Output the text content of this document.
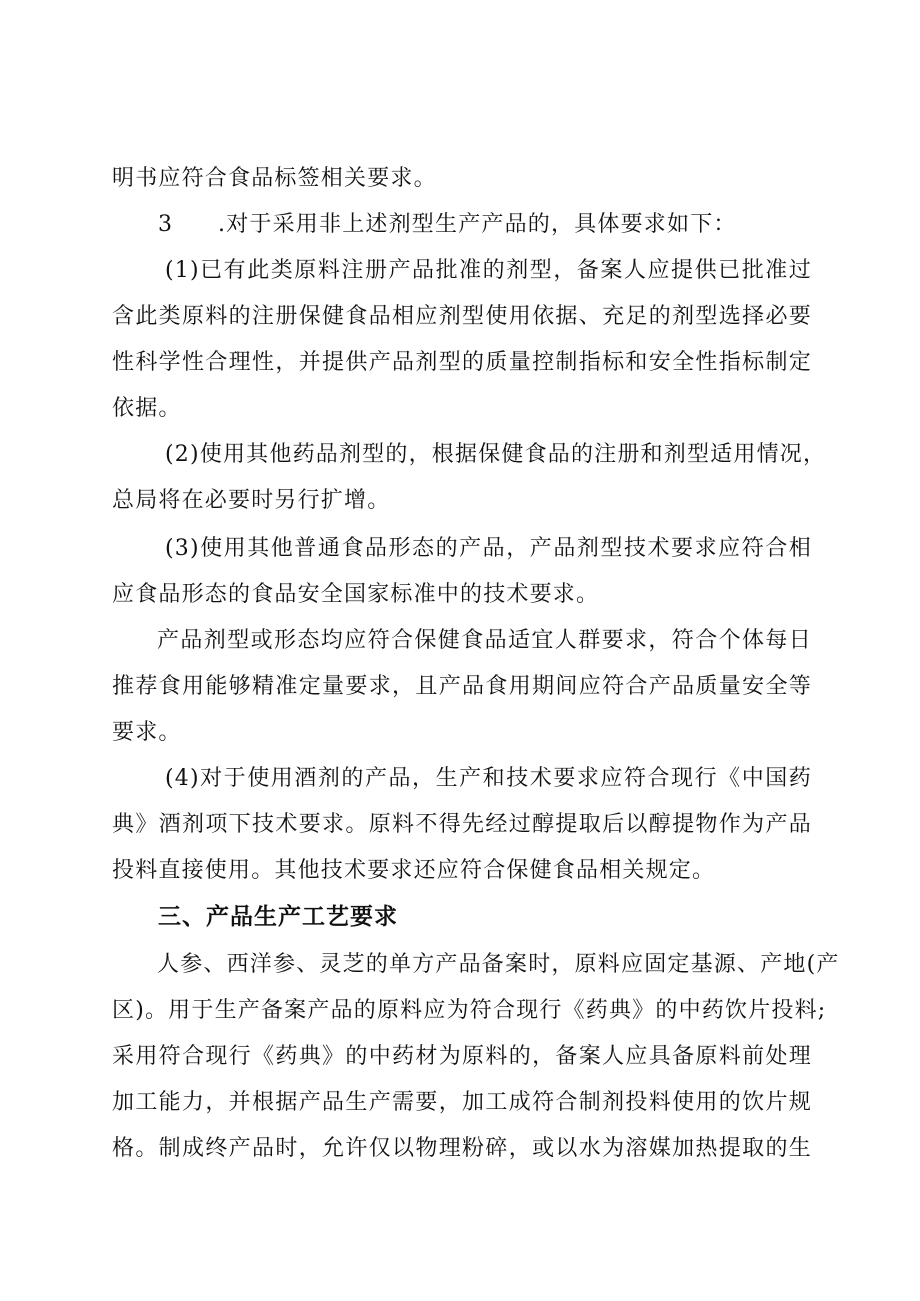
明书应符合食品标签相关要求。
3 .对于采用非上述剂型生产产品的，具体要求如下：
(1)已有此类原料注册产品批准的剂型，备案人应提供已批准过
含此类原料的注册保健食品相应剂型使用依据、充足的剂型选择必要
性科学性合理性，并提供产品剂型的质量控制指标和安全性指标制定
依据。
(2)使用其他药品剂型的，根据保健食品的注册和剂型适用情况，
总局将在必要时另行扩增。
(3)使用其他普通食品形态的产品，产品剂型技术要求应符合相
应食品形态的食品安全国家标准中的技术要求。
产品剂型或形态均应符合保健食品适宜人群要求，符合个体每日
推荐食用能够精准定量要求，且产品食用期间应符合产品质量安全等
要求。
(4)对于使用酒剂的产品，生产和技术要求应符合现行《中国药
典》酒剂项下技术要求。原料不得先经过醇提取后以醇提物作为产品
投料直接使用。其他技术要求还应符合保健食品相关规定。
三、产品生产工艺要求
人参、西洋参、灵芝的单方产品备案时，原料应固定基源、产地(产
区)。用于生产备案产品的原料应为符合现行《药典》的中药饮片投料;
采用符合现行《药典》的中药材为原料的，备案人应具备原料前处理
加工能力，并根据产品生产需要，加工成符合制剂投料使用的饮片规
格。制成终产品时，允许仅以物理粉碎，或以水为溶媒加热提取的生
